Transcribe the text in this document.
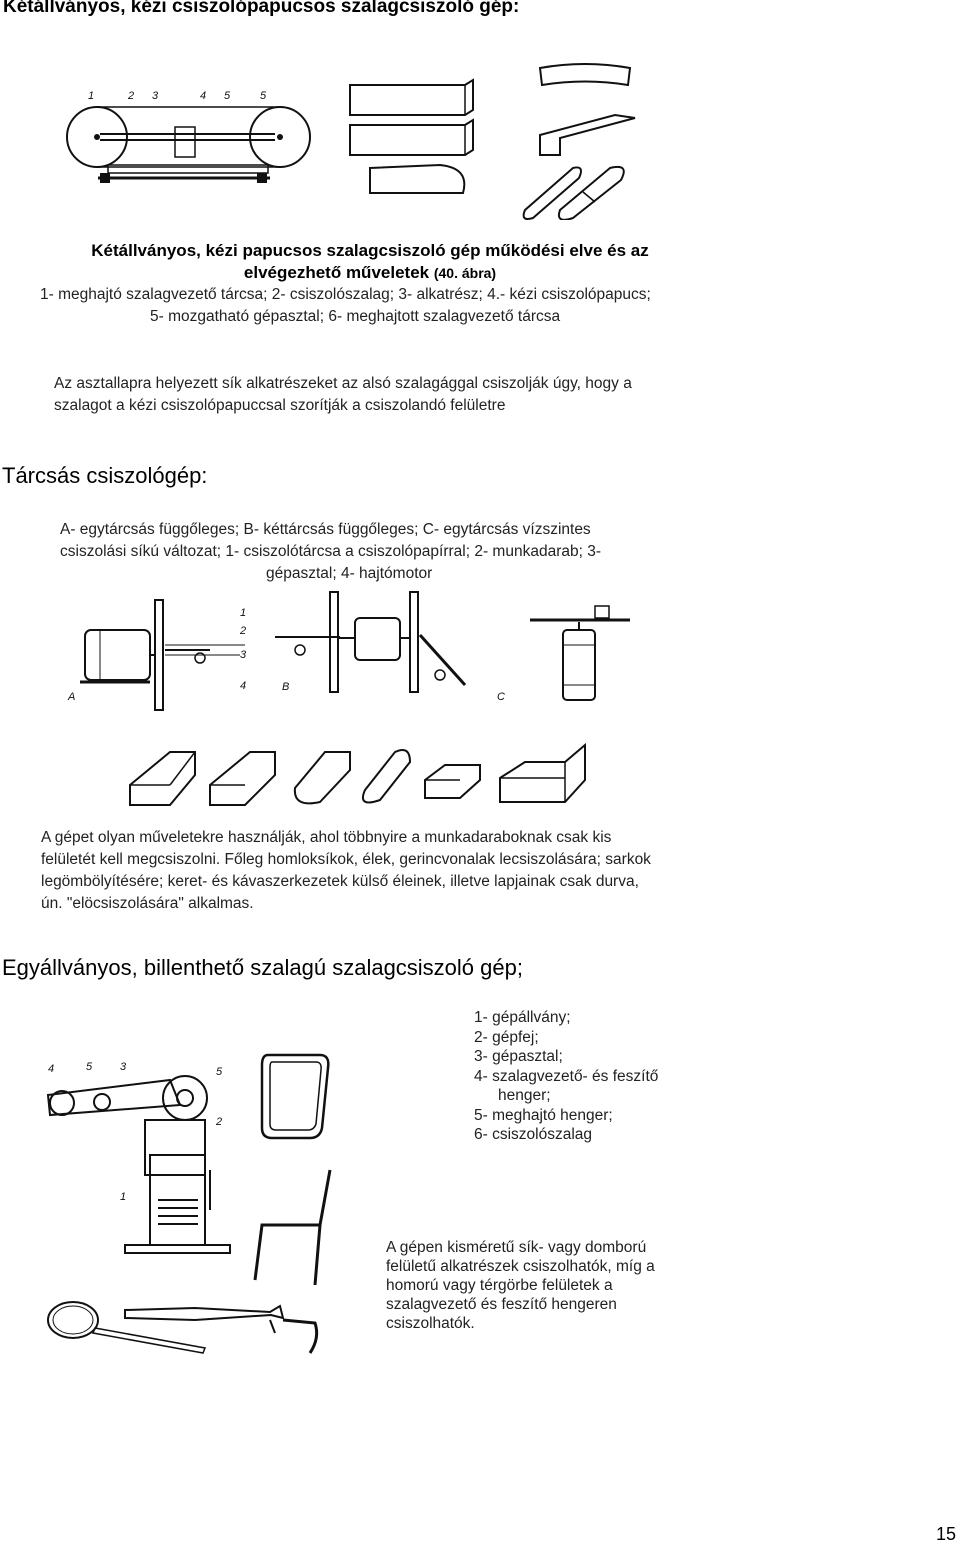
Kétállványos, kézi csiszolópapucsos szalagcsiszoló gép:
1	2 3	4 5	5
Kétállványos, kézi papucsos szalagcsiszoló gép működési elve és az
elvégezhető műveletek (40. ábra)
1- meghajtó szalagvezető tárcsa; 2- csiszolószalag; 3- alkatrész; 4.- kézi csiszolópapucs;
5- mozgatható gépasztal; 6- meghajtott szalagvezető tárcsa
Az asztallapra helyezett sík alkatrészeket az alsó szalagággal csiszolják úgy, hogy a
szalagot a kézi csiszolópapuccsal szorítják a csiszolandó felületre
Tárcsás csiszológép:
A- egytárcsás függőleges; B- kéttárcsás függőleges; C- egytárcsás vízszintes
csiszolási síkú változat; 1- csiszolótárcsa a csiszolópapírral; 2- munkadarab; 3-
gépasztal; 4- hajtómotor
A
1
2
3
4	B
C
A gépet olyan műveletekre használják, ahol többnyire a munkadaraboknak csak kis
felületét kell megcsiszolni. Főleg homloksíkok, élek, gerincvonalak lecsiszolására; sarkok
legömbölyítésére; keret- és kávaszerkezetek külső éleinek, illetve lapjainak csak durva,
ún. "elöcsiszolására" alkalmas.
Egyállványos, billenthető szalagú szalagcsiszoló gép;
1- gépállvány;
2- gépfej;
3- gépasztal;
4- szalagvezető- és feszítő
henger;
5- meghajtó henger;
6- csiszolószalag
4	5	3	5
2
1
A gépen kisméretű sík- vagy domború
felületű alkatrészek csiszolhatók, míg a
homorú vagy térgörbe felületek a
szalagvezető és feszítő hengeren
csiszolhatók.
15
